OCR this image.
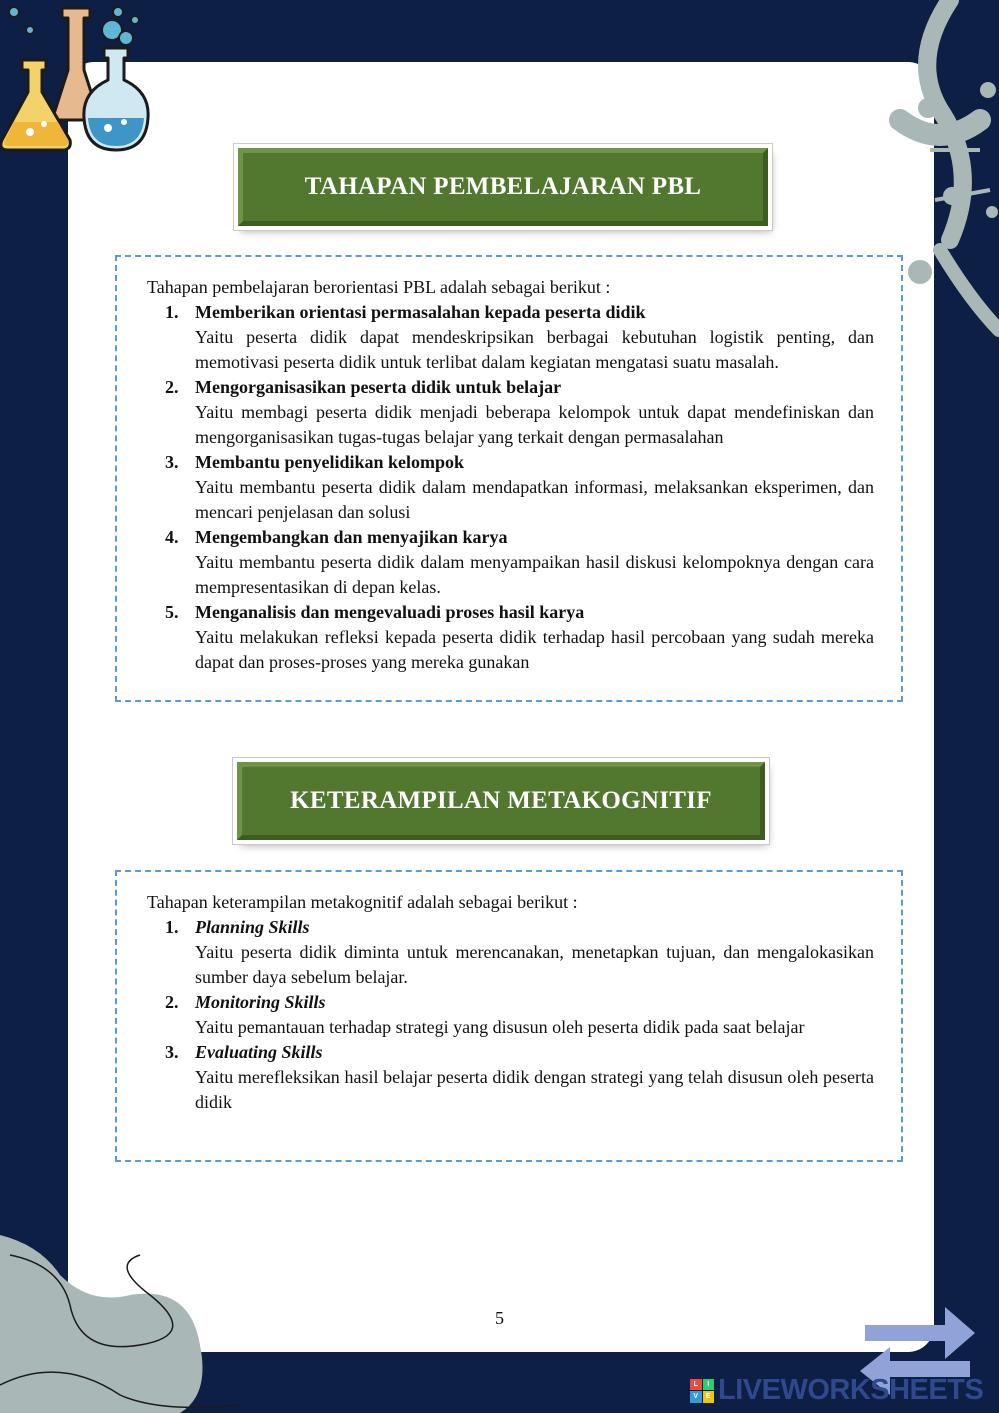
TAHAPAN PEMBELAJARAN PBL

Tahapan pembelajaran berorientasi PBL adalah sebagai berikut :

1. Memberikan orientasi permasalahan kepada peserta didik
Yaitu peserta didik dapat mendeskripsikan berbagai kebutuhan logistik penting, dan memotivasi peserta didik untuk terlibat dalam kegiatan mengatasi suatu masalah.
2. Mengorganisasikan peserta didik untuk belajar
Yaitu membagi peserta didik menjadi beberapa kelompok untuk dapat mendefiniskan dan mengorganisasikan tugas-tugas belajar yang terkait dengan permasalahan
3. Membantu penyelidikan kelompok
Yaitu membantu peserta didik dalam mendapatkan informasi, melaksankan eksperimen, dan mencari penjelasan dan solusi
4. Mengembangkan dan menyajikan karya
Yaitu membantu peserta didik dalam menyampaikan hasil diskusi kelompoknya dengan cara mempresentasikan di depan kelas.
5. Menganalisis dan mengevaluadi proses hasil karya
Yaitu melakukan refleksi kepada peserta didik terhadap hasil percobaan yang sudah mereka dapat dan proses-proses yang mereka gunakan
KETERAMPILAN METAKOGNITIF

Tahapan keterampilan metakognitif adalah sebagai berikut :

1. Planning Skills
Yaitu peserta didik diminta untuk merencanakan, menetapkan tujuan, dan mengalokasikan sumber daya sebelum belajar.
2. Monitoring Skills
Yaitu pemantauan terhadap strategi yang disusun oleh peserta didik pada saat belajar
3. Evaluating Skills
Yaitu merefleksikan hasil belajar peserta didik dengan strategi yang telah disusun oleh peserta didik
5
L	I
V	E LIVEWORKSHEETS
